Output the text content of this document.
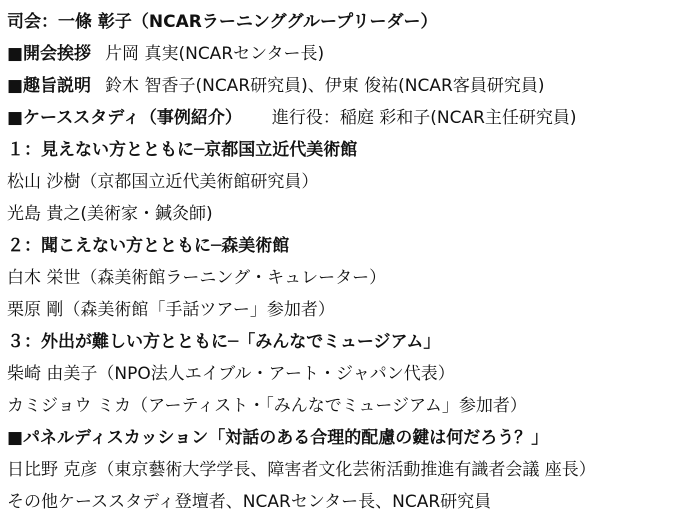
司会：一條 彰子（NCARラーニンググループリーダー）
■開会挨拶 片岡 真実(NCARセンター長)
■趣旨説明 鈴木 智香子(NCAR研究員)、伊東 俊祐(NCAR客員研究員)
■ケーススタディ（事例紹介） 進行役：稲庭 彩和子(NCAR主任研究員)
１：見えない方とともに─京都国立近代美術館
松山 沙樹（京都国立近代美術館研究員）
光島 貴之(美術家・鍼灸師)
２：聞こえない方とともに─森美術館
白木 栄世（森美術館ラーニング・キュレーター）
栗原 剛（森美術館「手話ツアー」参加者）
３：外出が難しい方とともに─「みんなでミュージアム」
柴崎 由美子（NPO法人エイブル・アート・ジャパン代表）
カミジョウ ミカ（アーティスト・「みんなでミュージアム」参加者）
■パネルディスカッション「対話のある合理的配慮の鍵は何だろう？」
日比野 克彦（東京藝術大学学長、障害者文化芸術活動推進有識者会議 座長）
その他ケーススタディ登壇者、NCARセンター長、NCAR研究員
